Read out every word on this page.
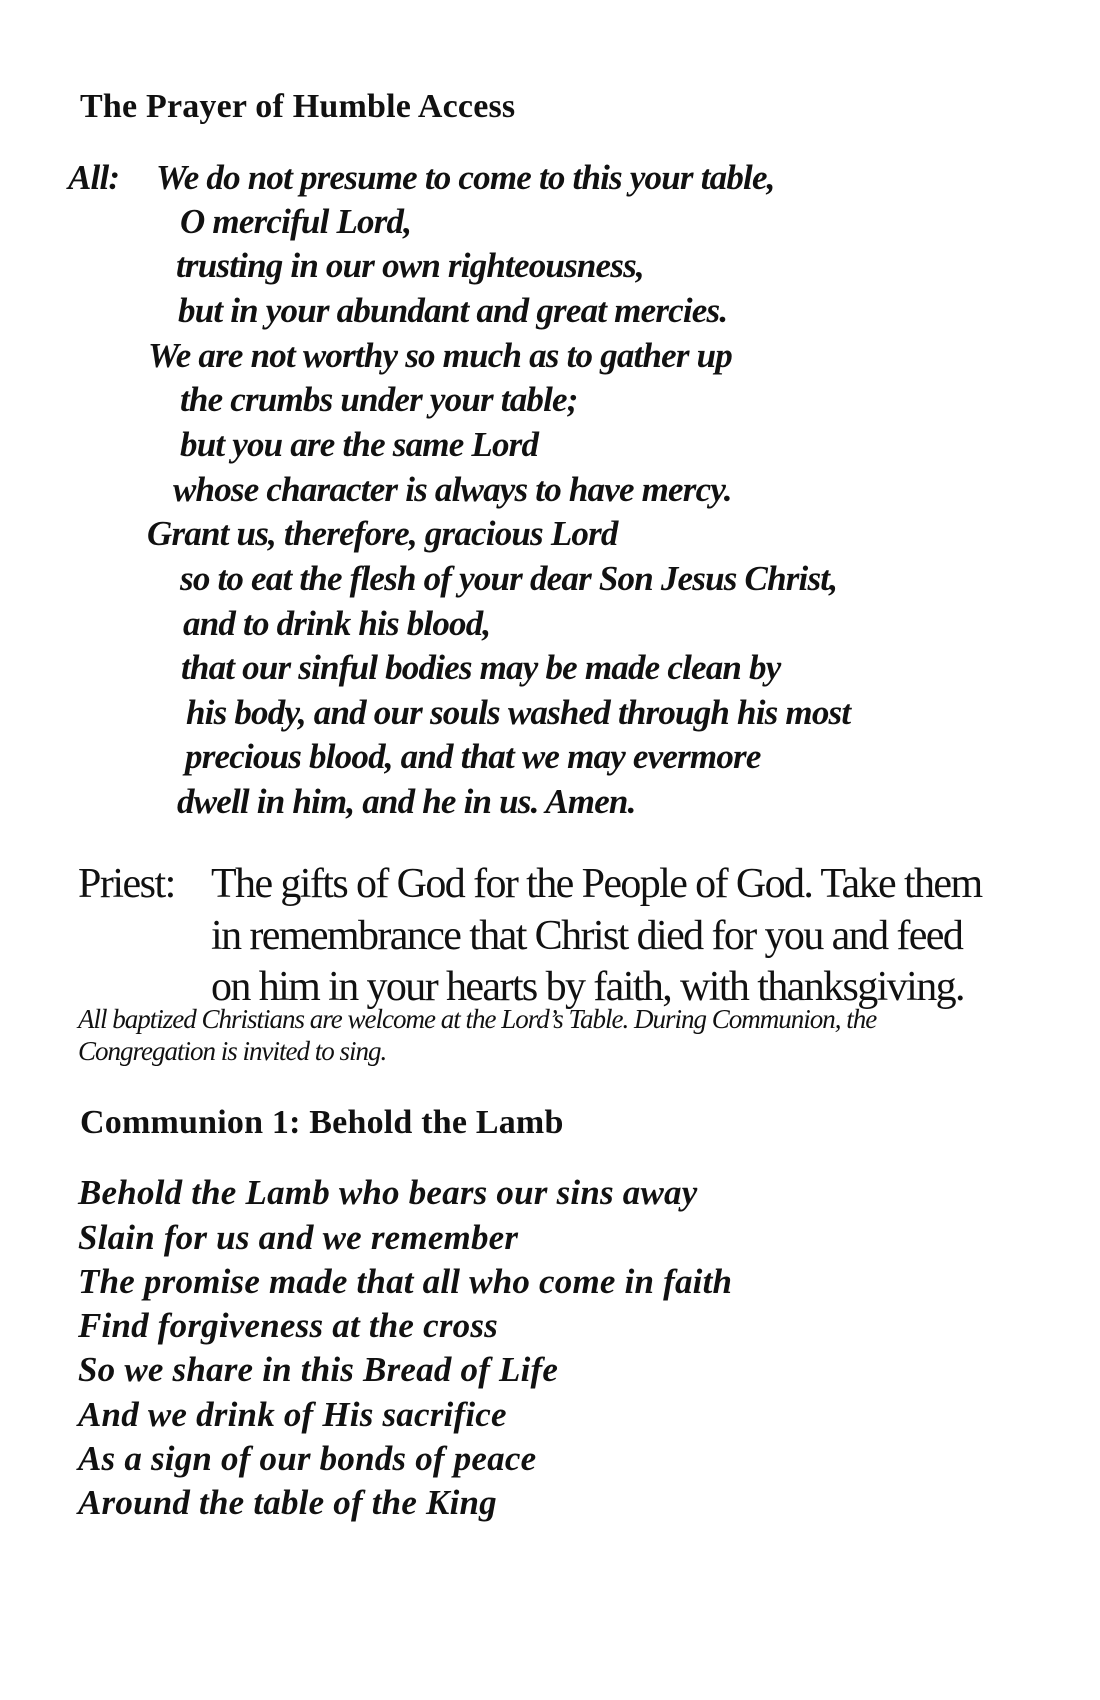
The Prayer of Humble Access
All: We do not presume to come to this your table,
O merciful Lord,
trusting in our own righteousness,
but in your abundant and great mercies.
We are not worthy so much as to gather up
the crumbs under your table;
but you are the same Lord
whose character is always to have mercy.
Grant us, therefore, gracious Lord
so to eat the flesh of your dear Son Jesus Christ,
and to drink his blood,
that our sinful bodies may be made clean by
his body, and our souls washed through his most
precious blood, and that we may evermore
dwell in him, and he in us. Amen.
Priest: The gifts of God for the People of God. Take them
in remembrance that Christ died for you and feed
on him in your hearts by faith, with thanksgiving.
All baptized Christians are welcome at the Lord’s Table. During Communion, the
Congregation is invited to sing.
Communion 1: Behold the Lamb
Behold the Lamb who bears our sins away
Slain for us and we remember
The promise made that all who come in faith
Find forgiveness at the cross
So we share in this Bread of Life
And we drink of His sacrifice
As a sign of our bonds of peace
Around the table of the King
